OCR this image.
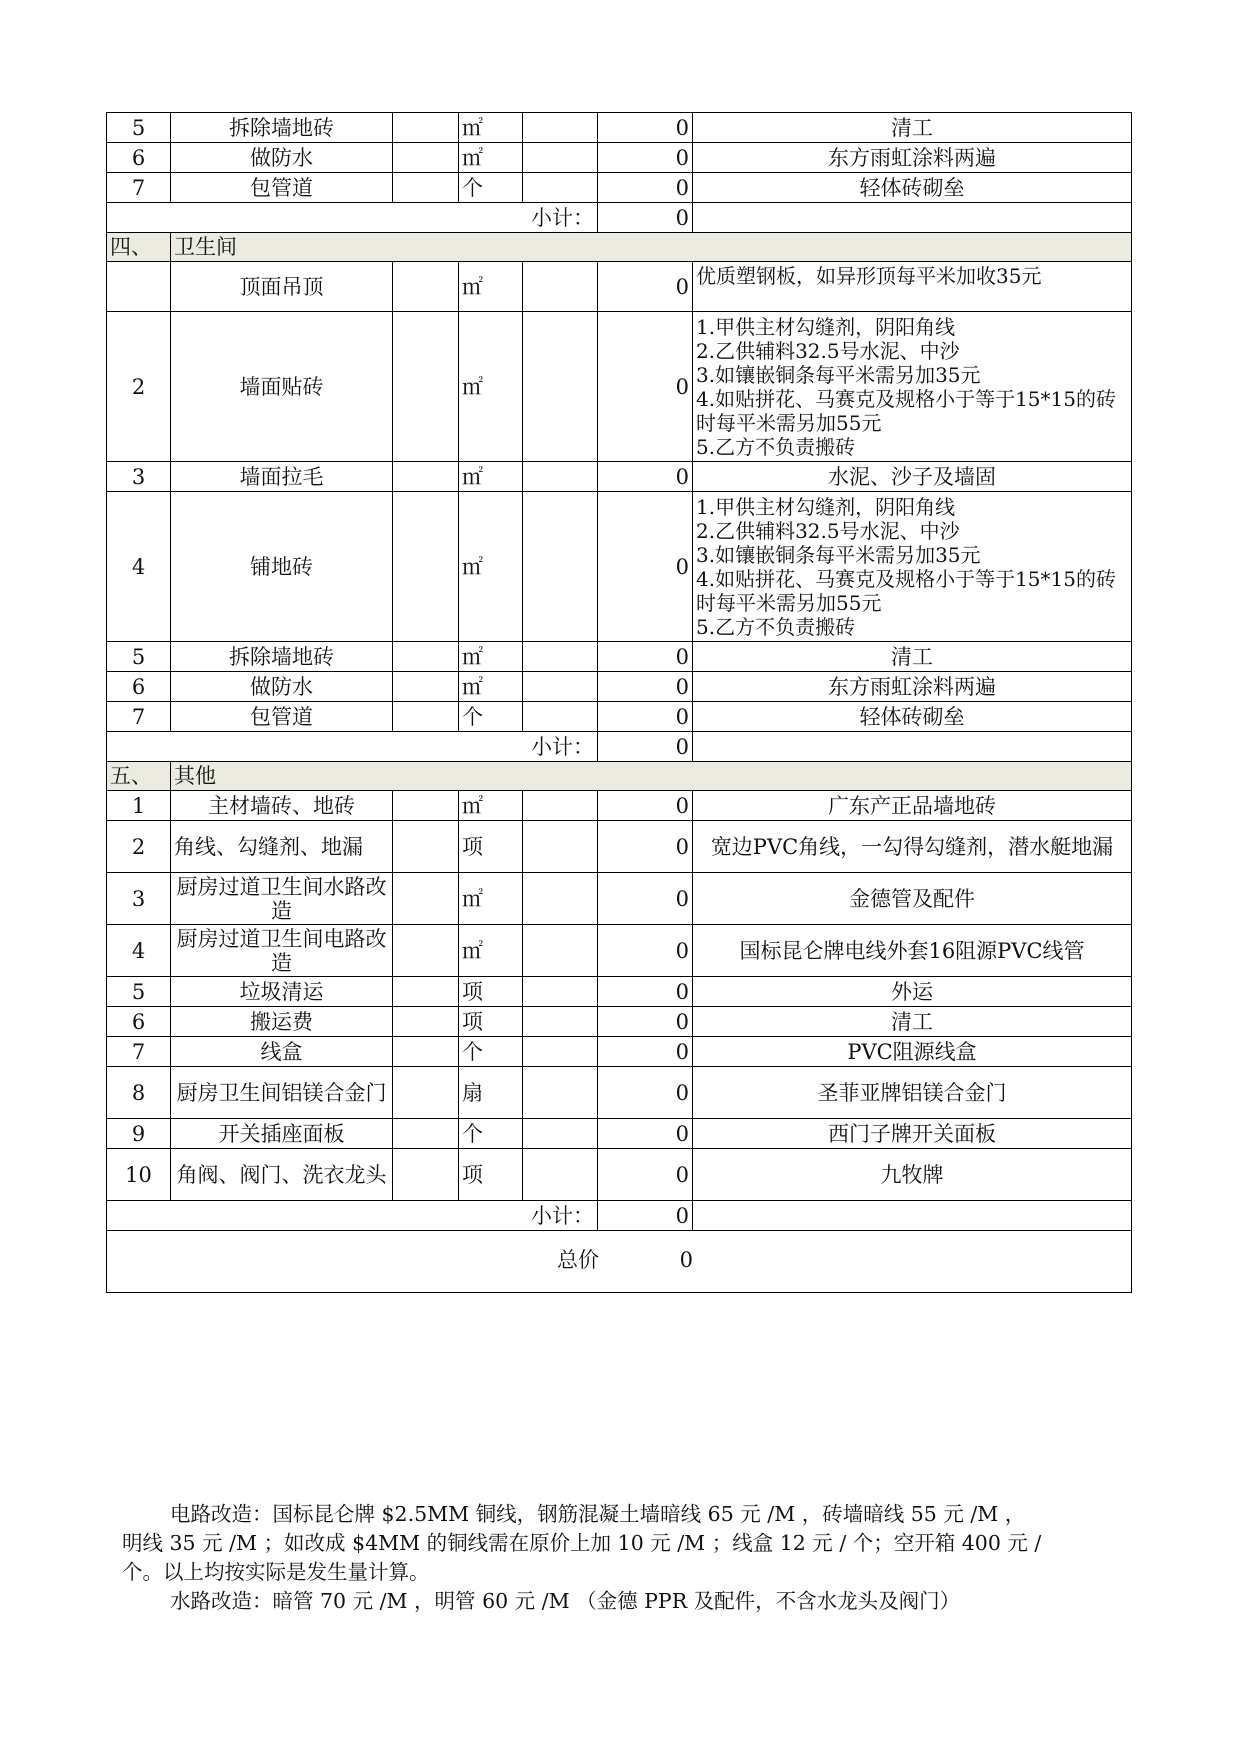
5	拆除墙地砖		㎡		0	清工
6	做防水		㎡		0	东方雨虹涂料两遍
7	包管道		个		0	轻体砖砌垒
小计：					0	
四、	卫生间					
	顶面吊顶		㎡		0	优质塑钢板，如异形顶每平米加收35元
2	墙面贴砖		㎡		0	1.甲供主材勾缝剂，阴阳角线
2.乙供辅料32.5号水泥、中沙
3.如镶嵌铜条每平米需另加35元
4.如贴拼花、马赛克及规格小于等于15*15的砖时每平米需另加55元
5.乙方不负责搬砖
3	墙面拉毛		㎡		0	水泥、沙子及墙固
4	铺地砖		㎡		0	1.甲供主材勾缝剂，阴阳角线
2.乙供辅料32.5号水泥、中沙
3.如镶嵌铜条每平米需另加35元
4.如贴拼花、马赛克及规格小于等于15*15的砖时每平米需另加55元
5.乙方不负责搬砖
5	拆除墙地砖		㎡		0	清工
6	做防水		㎡		0	东方雨虹涂料两遍
7	包管道		个		0	轻体砖砌垒
小计：					0	
五、	其他					
1	主材墙砖、地砖		㎡		0	广东产正品墙地砖
2	角线、勾缝剂、地漏		项		0	宽边PVC角线，一勾得勾缝剂，潜水艇地漏
3	厨房过道卫生间水路改造		㎡		0	金德管及配件
4	厨房过道卫生间电路改造		㎡		0	国标昆仑牌电线外套16阻源PVC线管
5	垃圾清运		项		0	外运
6	搬运费		项		0	清工
7	线盒		个		0	PVC阻源线盒
8	厨房卫生间铝镁合金门		扇		0	圣菲亚牌铝镁合金门
9	开关插座面板		个		0	西门子牌开关面板
10	角阀、阀门、洗衣龙头		项		0	九牧牌
小计：					0	
总价 0						

电路改造：国标昆仑牌 $2.5MM 铜线，钢筋混凝土墙暗线 65 元 /M ，砖墙暗线 55 元 /M ，明线 35 元 /M ；如改成 $4MM 的铜线需在原价上加 10 元 /M ；线盒 12 元 / 个；空开箱 400 元 / 个。以上均按实际是发生量计算。

水路改造：暗管 70 元 /M ，明管 60 元 /M （金德 PPR 及配件，不含水龙头及阀门）
